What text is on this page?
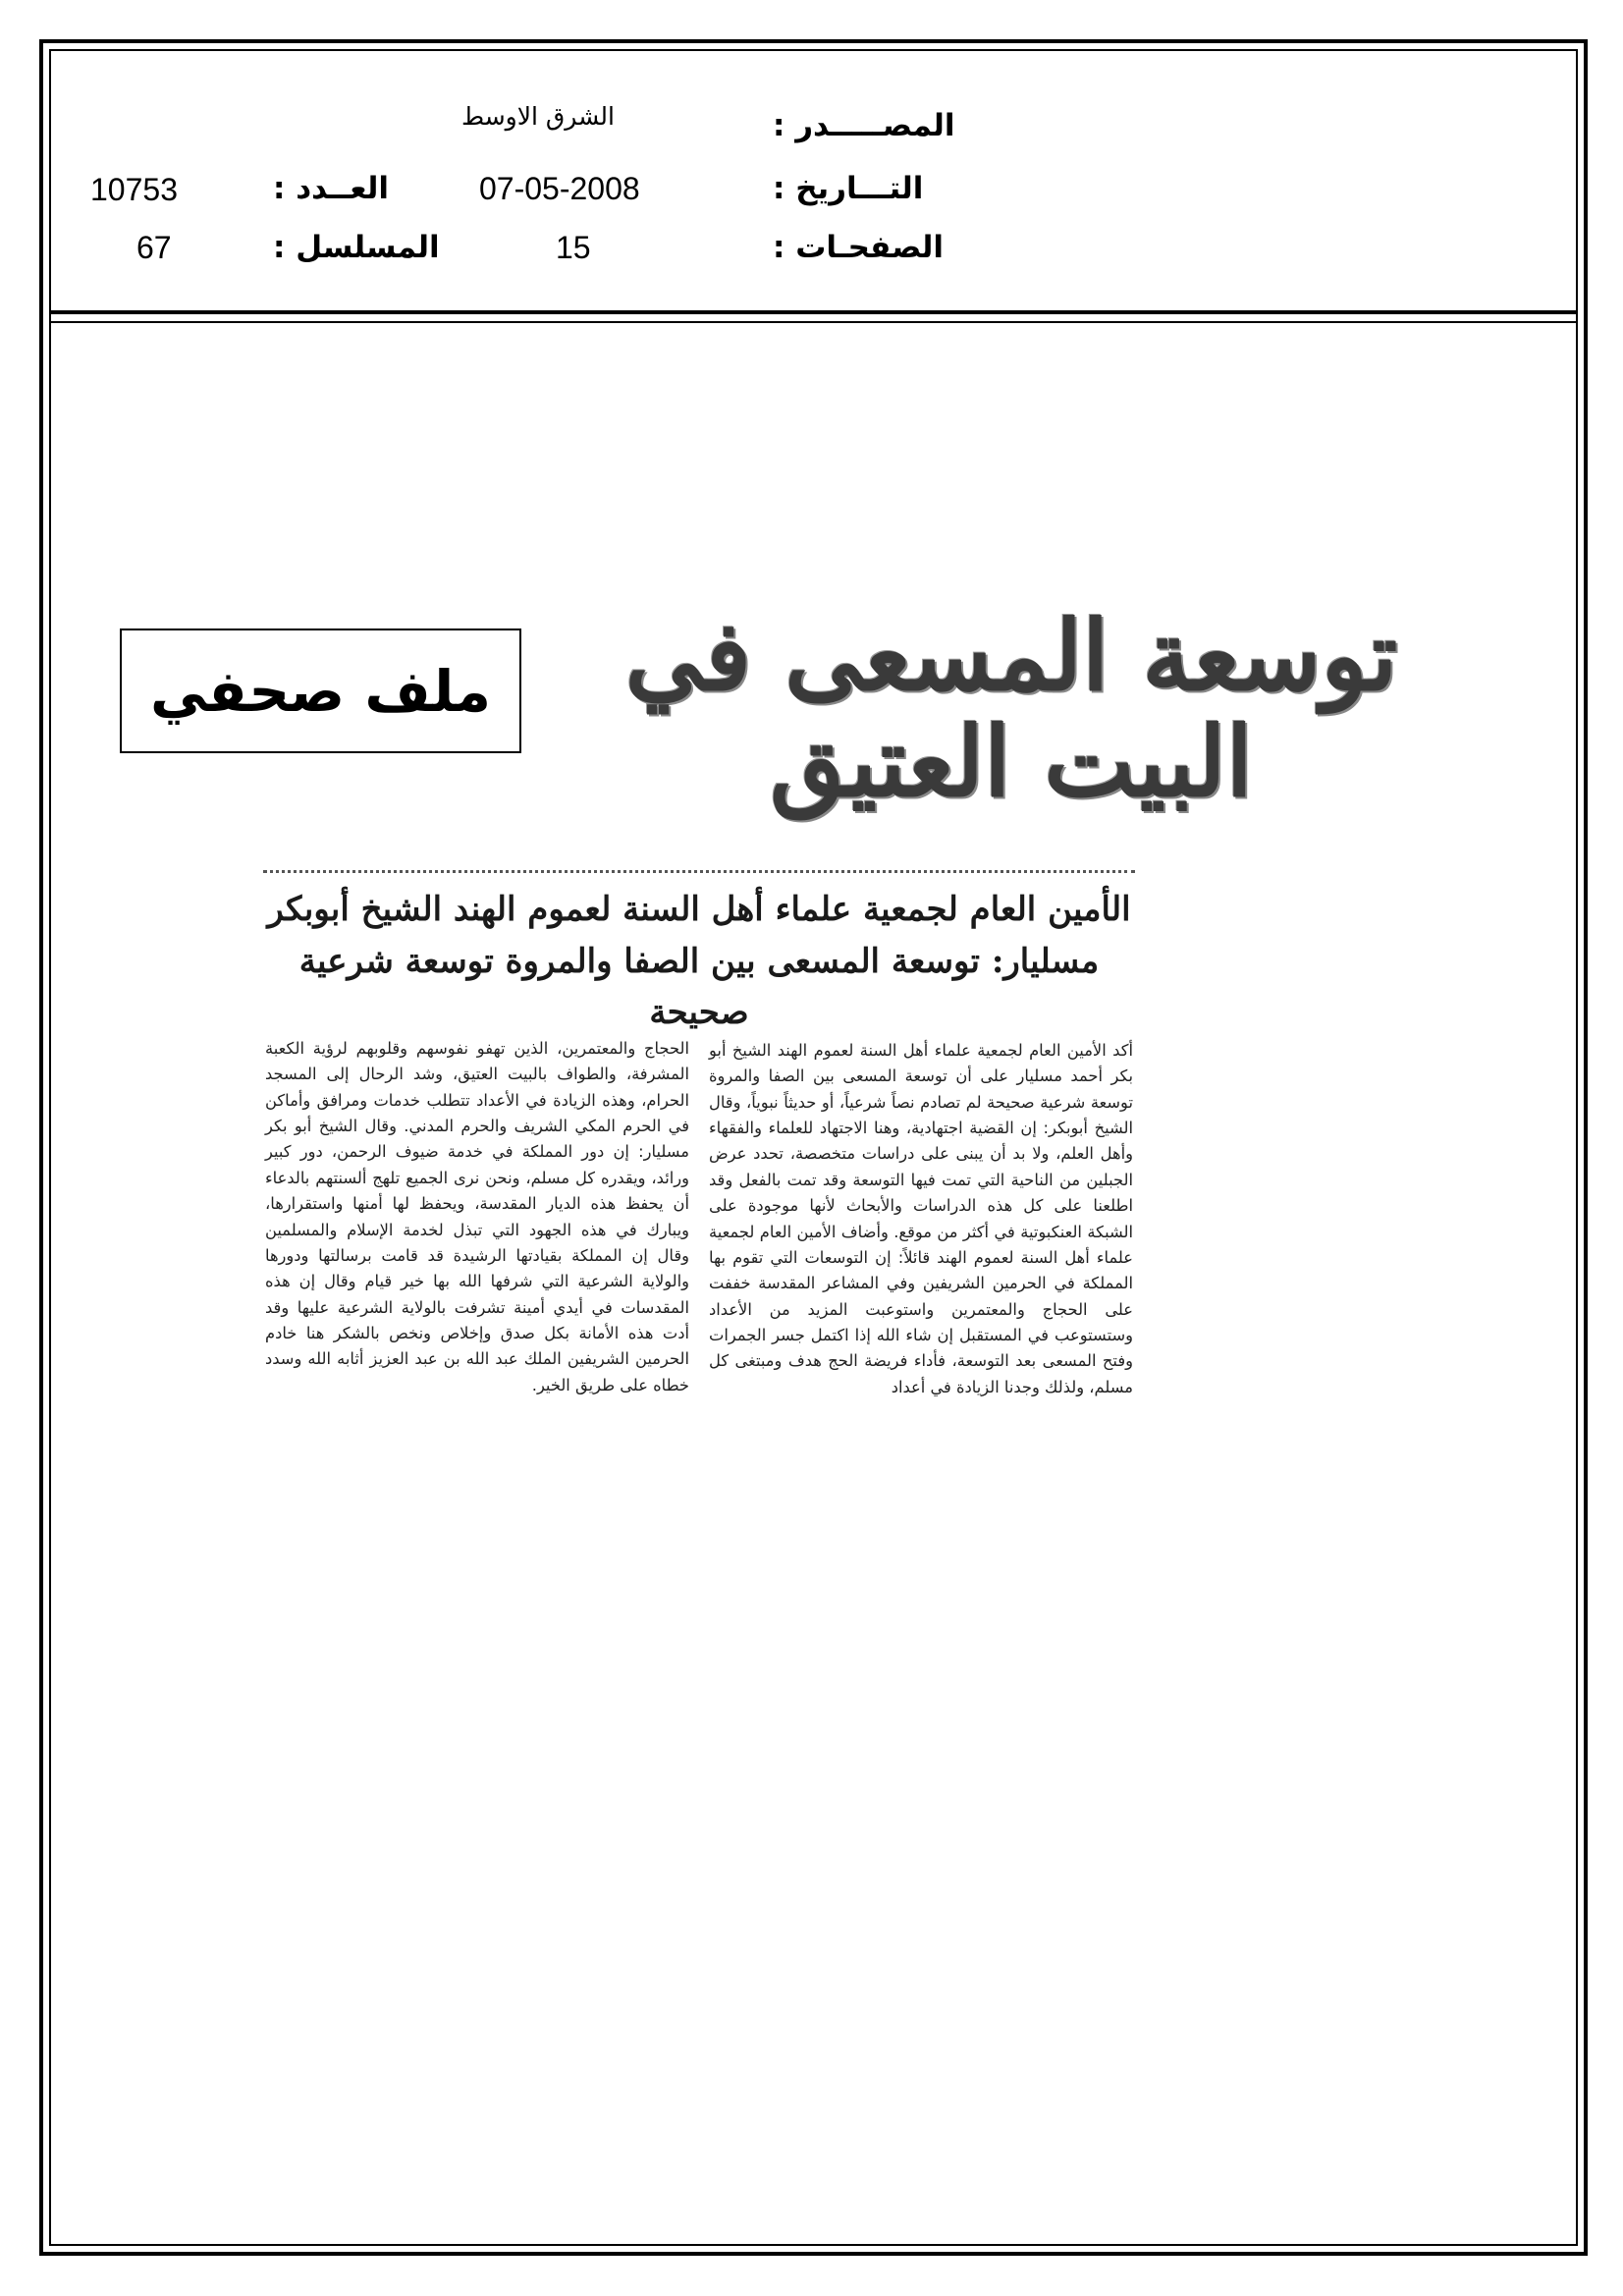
الشرق الاوسط	المصـــــدر :
10753	العــدد :	07-05-2008	التـــاريخ :
67	المسلسل :	15	الصفحـات :
توسعة المسعى في البيت العتيق
ملف صحفي
الأمين العام لجمعية علماء أهل السنة لعموم الهند الشيخ أبوبكر
مسليار: توسعة المسعى بين الصفا والمروة توسعة شرعية صحيحة
أكد الأمين العام لجمعية علماء أهل السنة لعموم الهند الشيخ أبو بكر أحمد مسليار على أن توسعة المسعى بين الصفا والمروة توسعة شرعية صحيحة لم تصادم نصاً شرعياً، أو حديثاً نبوياً، وقال الشيخ أبوبكر: إن القضية اجتهادية، وهنا الاجتهاد للعلماء والفقهاء وأهل العلم، ولا بد أن يبنى على دراسات متخصصة، تحدد عرض الجبلين من الناحية التي تمت فيها التوسعة وقد تمت بالفعل وقد اطلعنا على كل هذه الدراسات والأبحاث لأنها موجودة على الشبكة العنكبوتية في أكثر من موقع. وأضاف الأمين العام لجمعية علماء أهل السنة لعموم الهند قائلاً: إن التوسعات التي تقوم بها المملكة في الحرمين الشريفين وفي المشاعر المقدسة خففت على الحجاج والمعتمرين واستوعبت المزيد من الأعداد وستستوعب في المستقبل إن شاء الله إذا اكتمل جسر الجمرات وفتح المسعى بعد التوسعة، فأداء فريضة الحج هدف ومبتغى كل مسلم، ولذلك وجدنا الزيادة في أعداد
الحجاج والمعتمرين، الذين تهفو نفوسهم وقلوبهم لرؤية الكعبة المشرفة، والطواف بالبيت العتيق، وشد الرحال إلى المسجد الحرام، وهذه الزيادة في الأعداد تتطلب خدمات ومرافق وأماكن في الحرم المكي الشريف والحرم المدني. وقال الشيخ أبو بكر مسليار: إن دور المملكة في خدمة ضيوف الرحمن، دور كبير ورائد، ويقدره كل مسلم، ونحن نرى الجميع تلهج ألسنتهم بالدعاء أن يحفظ هذه الديار المقدسة، ويحفظ لها أمنها واستقرارها، ويبارك في هذه الجهود التي تبذل لخدمة الإسلام والمسلمين وقال إن المملكة بقيادتها الرشيدة قد قامت برسالتها ودورها والولاية الشرعية التي شرفها الله بها خير قيام وقال إن هذه المقدسات في أيدي أمينة تشرفت بالولاية الشرعية عليها وقد أدت هذه الأمانة بكل صدق وإخلاص ونخص بالشكر هنا خادم الحرمين الشريفين الملك عبد الله بن عبد العزيز أثابه الله وسدد خطاه على طريق الخير.
